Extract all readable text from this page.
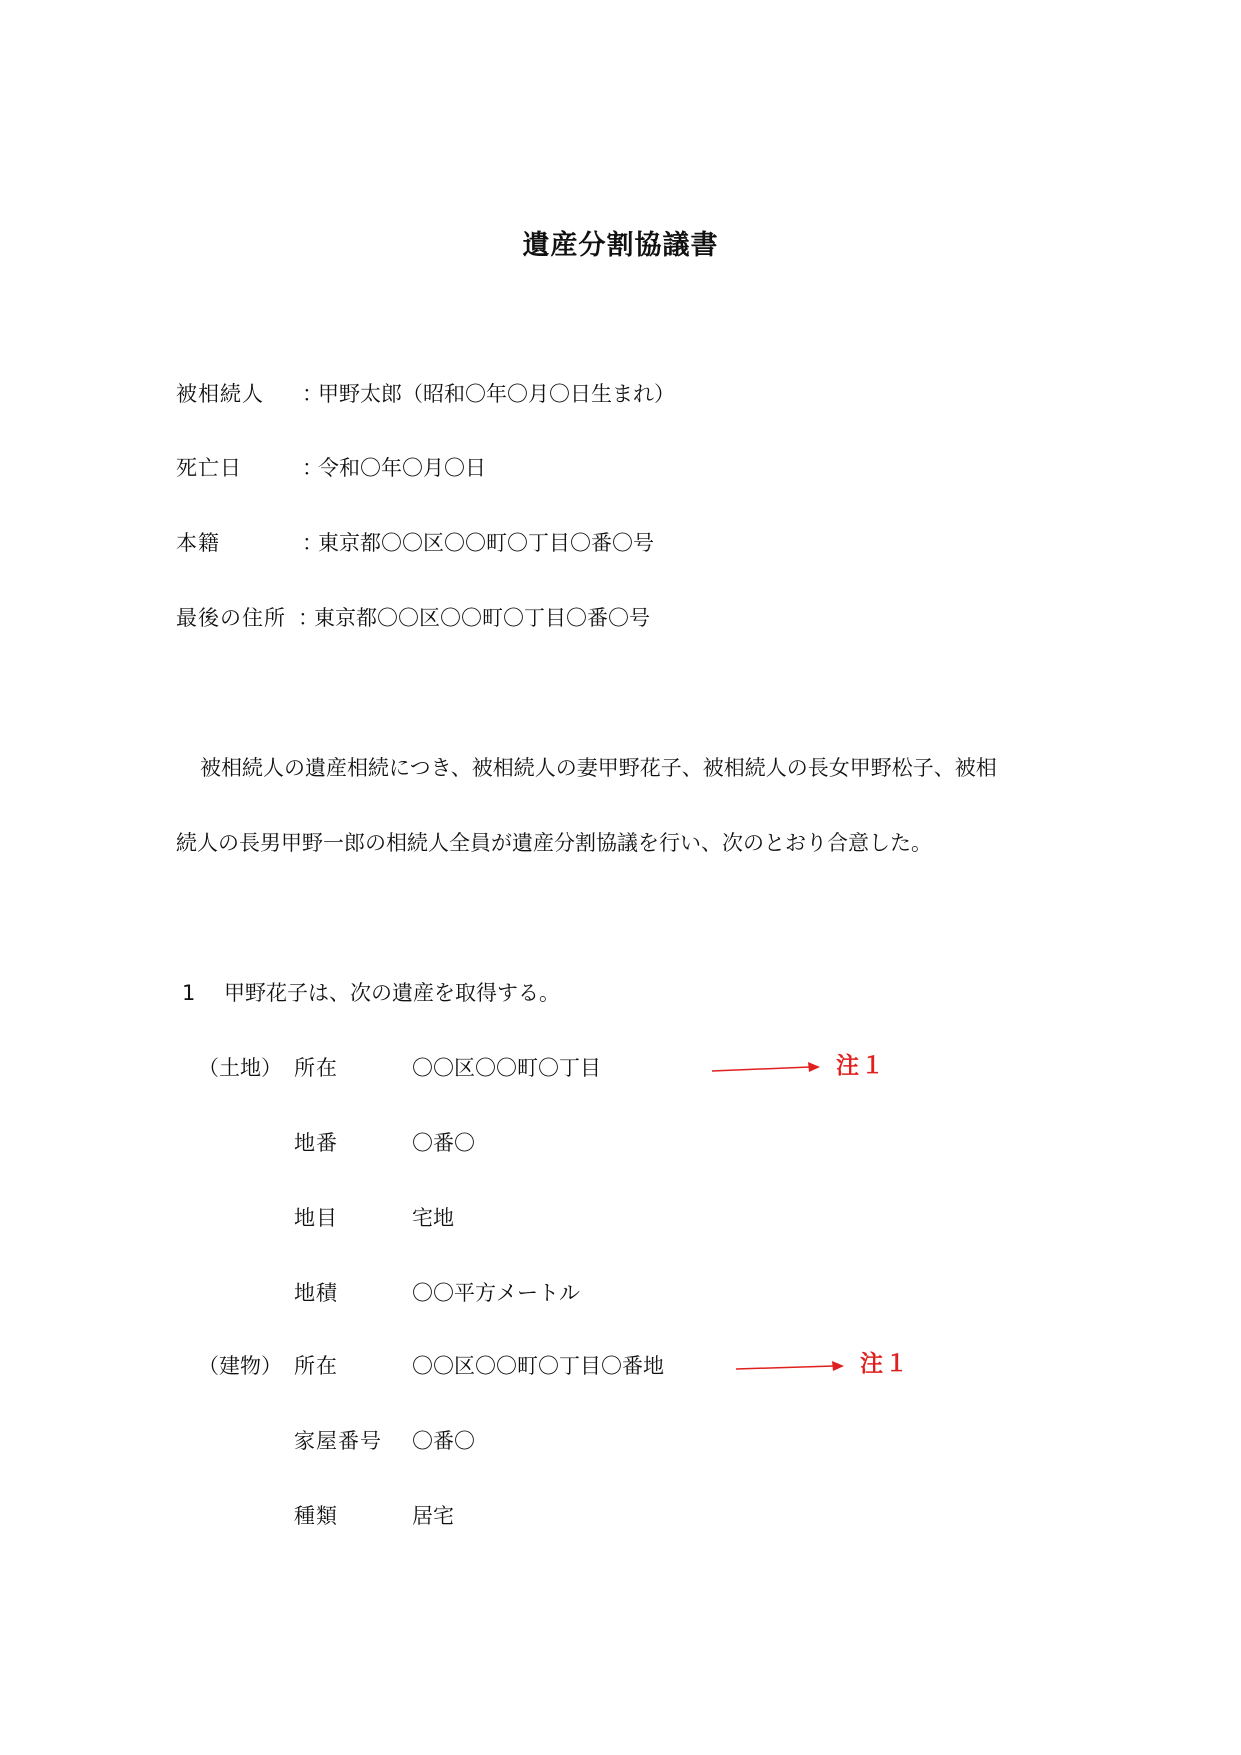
遺産分割協議書
被相続人 ：
甲野太郎（昭和〇年〇月〇日生まれ）
死亡日	：
令和〇年〇月〇日
本籍	：
東京都〇〇区〇〇町〇丁目〇番〇号
最後の住所 ：
東京都〇〇区〇〇町〇丁目〇番〇号
被相続人の遺産相続につき、被相続人の妻甲野花子、被相続人の長女甲野松子、被相
続人の長男甲野一郎の相続人全員が遺産分割協議を行い、次のとおり合意した。
1 甲野花子は、次の遺産を取得する。
（土地） 所在	〇〇区〇〇町〇丁目	注１
地番	〇番〇
地目	宅地
地積	〇〇平方メートル
（建物） 所在	〇〇区〇〇町〇丁目〇番地	注１
家屋番号 〇番〇
種類	居宅
